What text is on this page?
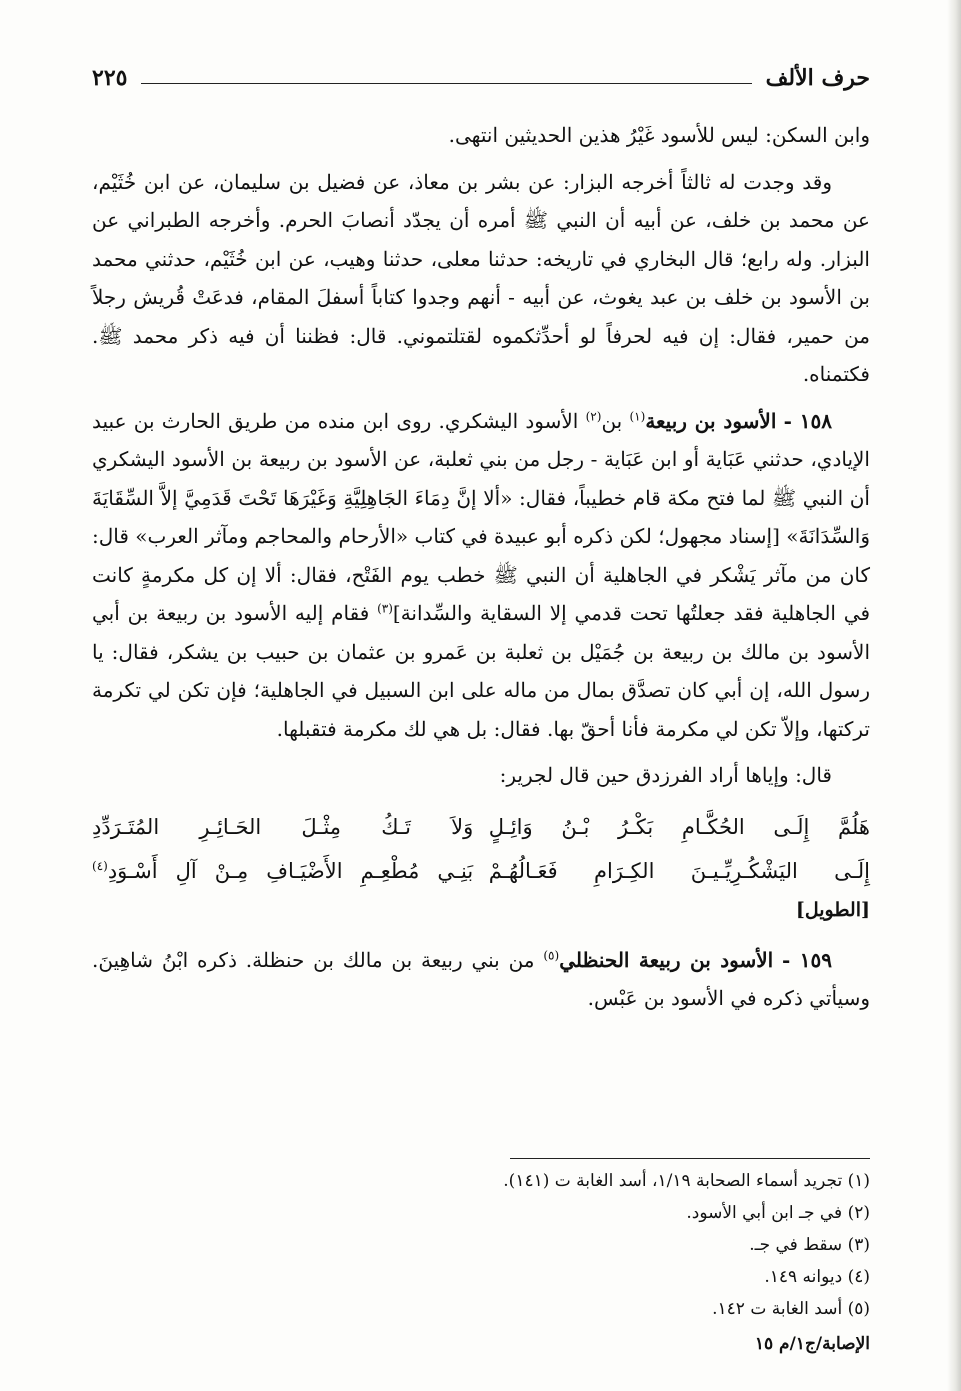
حرف الألف
٢٢٥

وابن السكن: ليس للأسود غَيْرُ هذين الحديثين انتهى.

وقد وجدت له ثالثاً أخرجه البزار: عن بشر بن معاذ، عن فضيل بن سليمان، عن ابن خُثَيْم، عن محمد بن خلف، عن أبيه أن النبي ﷺ أمره أن يجدّد أنصابَ الحرم. وأخرجه الطبراني عن البزار. وله رابع؛ قال البخاري في تاريخه: حدثنا معلى، حدثنا وهيب، عن ابن خُثَيْم، حدثني محمد بن الأسود بن خلف بن عبد يغوث، عن أبيه - أنهم وجدوا كتاباً أسفلَ المقام، فدعَتْ قُريش رجلاً من حمير، فقال: إن فيه لحرفاً لو أحدِّثكموه لقتلتموني. قال: فظننا أن فيه ذكر محمد ﷺ. فكتمناه.

١٥٨ - الأسود بن ربيعة$^{(١)}$ بن$^{(٢)}$ الأسود اليشكري. روى ابن منده من طريق الحارث بن عبيد الإيادي، حدثني عَبَاية أو ابن عَبَاية - رجل من بني ثعلبة، عن الأسود بن ربيعة بن الأسود اليشكري أن النبي ﷺ لما فتح مكة قام خطيباً، فقال: «ألا إنَّ دِمَاءَ الجَاهِلِيَّةِ وَغَيْرَهَا تَحْتَ قَدَمِيَّ إلاَّ السِّقَايَةَ وَالسِّدَانَةَ» [إسناد مجهول؛ لكن ذكره أبو عبيدة في كتاب «الأرحام والمحاجم ومآثر العرب» قال: كان من مآثر يَشْكر في الجاهلية أن النبي ﷺ خطب يوم الفَتْح، فقال: ألا إن كل مكرمةٍ كانت في الجاهلية فقد جعلتُها تحت قدمي إلا السقاية والسِّدانة]$^{(٣)}$ فقام إليه الأسود بن ربيعة بن أبي الأسود بن مالك بن ربيعة بن جُمَيْل بن ثعلبة بن عَمرو بن عثمان بن حبيب بن يشكر، فقال: يا رسول الله، إن أبي كان تصدَّق بمال من ماله على ابن السبيل في الجاهلية؛ فإن تكن لي تكرمة تركتها، وإلاّ تكن لي مكرمة فأنا أحقّ بها. فقال: بل هي لك مكرمة فتقبلها.

قال: وإياها أراد الفرزدق حين قال لجرير:

هَلُمَّ إِلَـى الحُكَّـامِ بَكْـرُ بْـنُ وَائِـلٍ
وَلاَ تَـكُ مِثْـلَ الحَـائِـرِ المُتَـرَدِّدِ
إِلَـى اليَشْكُـرِيِّـيـنَ الكِـرَامِ فَعَـالُهُـمْ
بَنِـي مُطْعِـمِ الأَضْيَـافِ مِـنْ آلِ أَسْـوَدِ$^{(٤)}$

[الطويل]

١٥٩ - الأسود بن ربيعة الحنظلي$^{(٥)}$ من بني ربيعة بن مالك بن حنظلة. ذكره ابْنُ شاهِينَ. وسيأتي ذكره في الأسود بن عَبْس.

(١) تجريد أسماء الصحابة ١/١٩، أسد الغابة ت (١٤١).
(٢) في جـ ابن أبي الأسود.
(٣) سقط في جـ.
(٤) ديوانه ١٤٩.
(٥) أسد الغابة ت ١٤٢.
الإصابة/ج١/م ١٥
